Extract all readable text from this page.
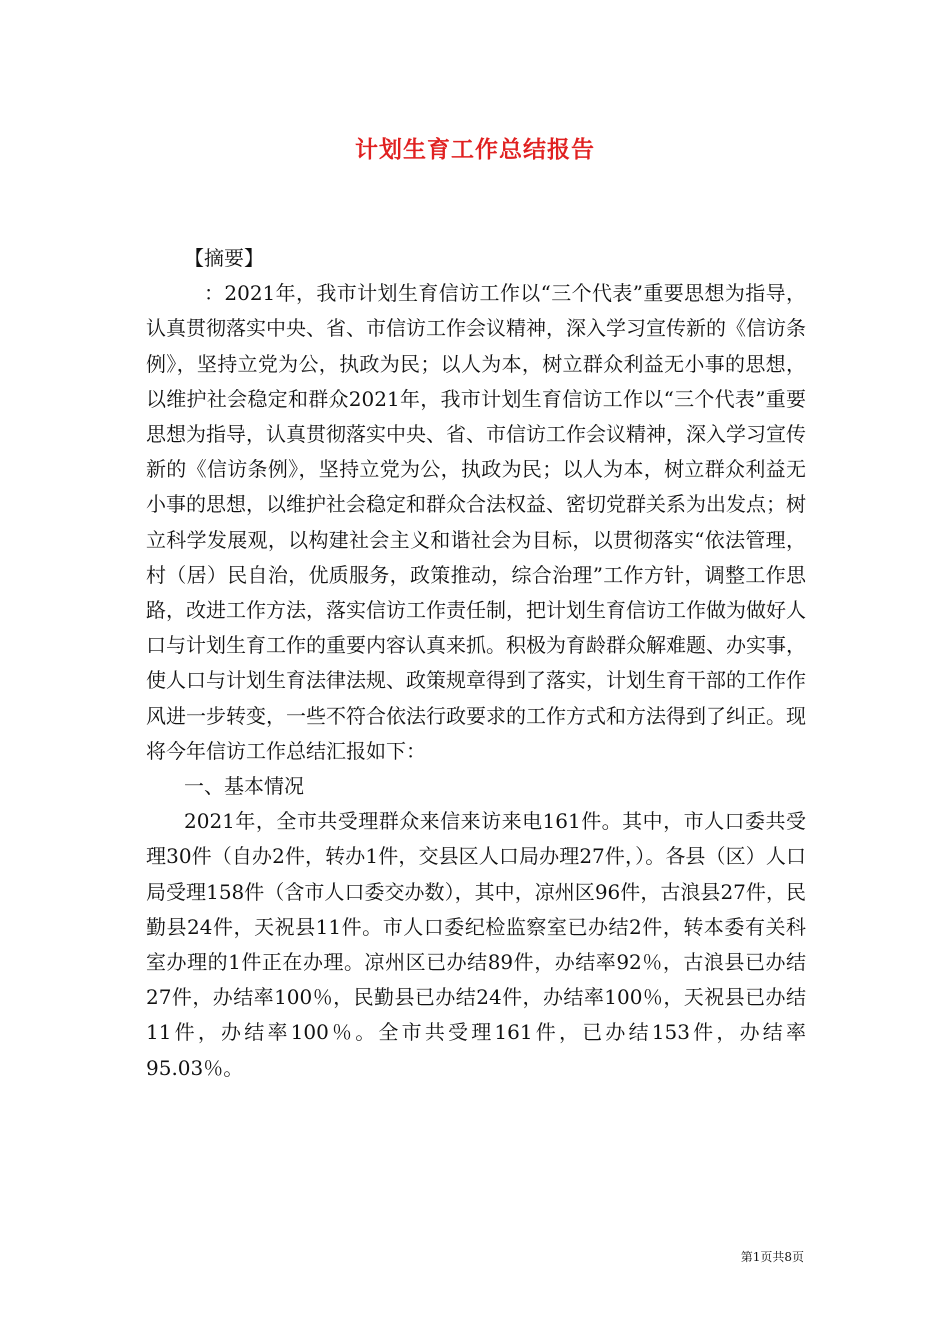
计划生育工作总结报告

【摘要】

：2021年，我市计划生育信访工作以“三个代表”重要思想为指导，认真贯彻落实中央、省、市信访工作会议精神，深入学习宣传新的《信访条例》，坚持立党为公，执政为民；以人为本，树立群众利益无小事的思想，以维护社会稳定和群众2021年，我市计划生育信访工作以“三个代表”重要思想为指导，认真贯彻落实中央、省、市信访工作会议精神，深入学习宣传新的《信访条例》，坚持立党为公，执政为民；以人为本，树立群众利益无小事的思想，以维护社会稳定和群众合法权益、密切党群关系为出发点；树立科学发展观，以构建社会主义和谐社会为目标，以贯彻落实“依法管理，村（居）民自治，优质服务，政策推动，综合治理”工作方针，调整工作思路，改进工作方法，落实信访工作责任制，把计划生育信访工作做为做好人口与计划生育工作的重要内容认真来抓。积极为育龄群众解难题、办实事，使人口与计划生育法律法规、政策规章得到了落实，计划生育干部的工作作风进一步转变，一些不符合依法行政要求的工作方式和方法得到了纠正。现将今年信访工作总结汇报如下：

一、基本情况

2021年，全市共受理群众来信来访来电161件。其中，市人口委共受理30件（自办2件，转办1件，交县区人口局办理27件，）。各县（区）人口局受理158件（含市人口委交办数），其中，凉州区96件，古浪县27件，民勤县24件，天祝县11件。市人口委纪检监察室已办结2件，转本委有关科室办理的1件正在办理。凉州区已办结89件，办结率92％，古浪县已办结27件，办结率100％，民勤县已办结24件，办结率100％，天祝县已办结11件，办结率100％。全市共受理161件，已办结153件，办结率95.03％。

第1页共8页
